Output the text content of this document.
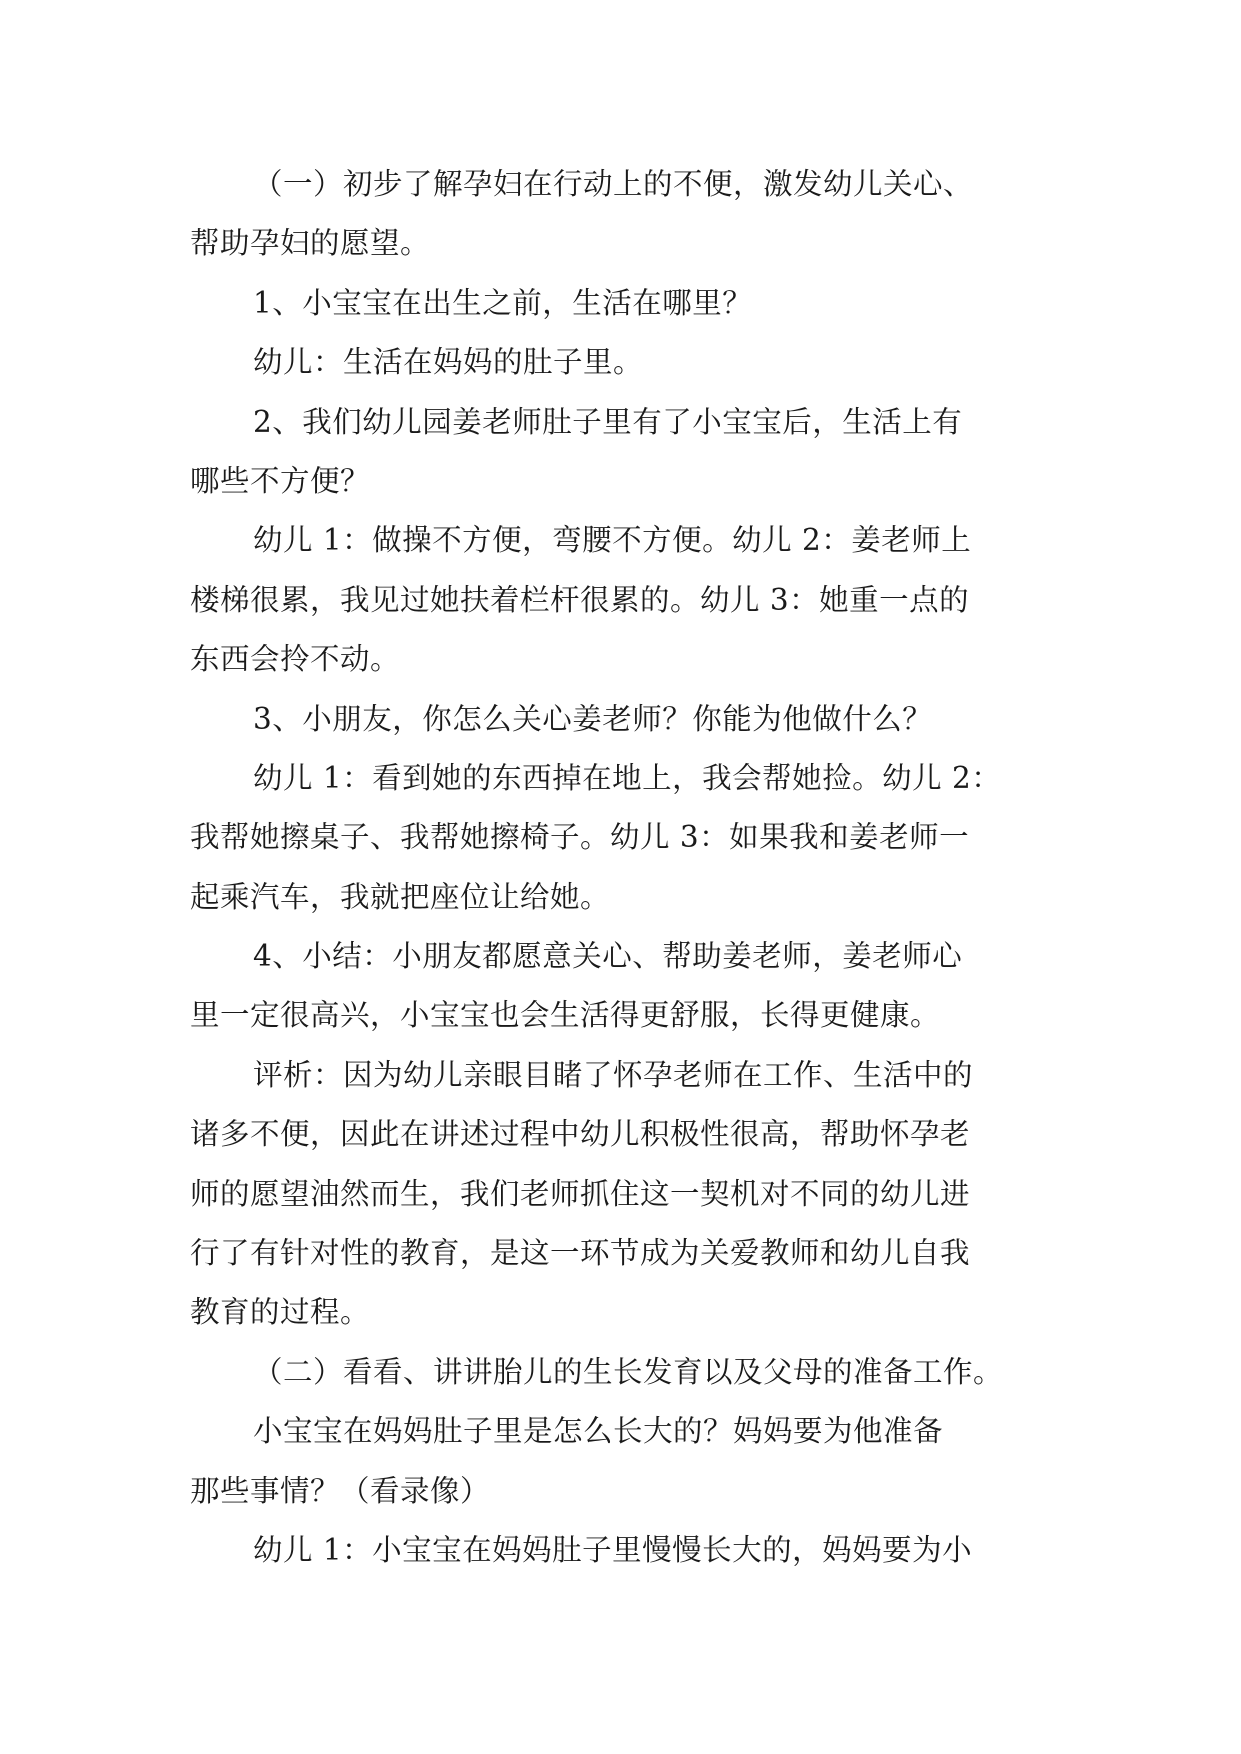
（一）初步了解孕妇在行动上的不便，激发幼儿关心、
帮助孕妇的愿望。
1、小宝宝在出生之前，生活在哪里？
幼儿：生活在妈妈的肚子里。
2、我们幼儿园姜老师肚子里有了小宝宝后，生活上有
哪些不方便？
幼儿 1：做操不方便，弯腰不方便。幼儿 2：姜老师上
楼梯很累，我见过她扶着栏杆很累的。幼儿 3：她重一点的
东西会拎不动。
3、小朋友，你怎么关心姜老师？你能为他做什么？
幼儿 1：看到她的东西掉在地上，我会帮她捡。幼儿 2：
我帮她擦桌子、我帮她擦椅子。幼儿 3：如果我和姜老师一
起乘汽车，我就把座位让给她。
4、小结：小朋友都愿意关心、帮助姜老师，姜老师心
里一定很高兴，小宝宝也会生活得更舒服，长得更健康。
评析：因为幼儿亲眼目睹了怀孕老师在工作、生活中的
诸多不便，因此在讲述过程中幼儿积极性很高，帮助怀孕老
师的愿望油然而生，我们老师抓住这一契机对不同的幼儿进
行了有针对性的教育，是这一环节成为关爱教师和幼儿自我
教育的过程。
（二）看看、讲讲胎儿的生长发育以及父母的准备工作。
小宝宝在妈妈肚子里是怎么长大的？妈妈要为他准备
那些事情？（看录像）
幼儿 1：小宝宝在妈妈肚子里慢慢长大的，妈妈要为小
